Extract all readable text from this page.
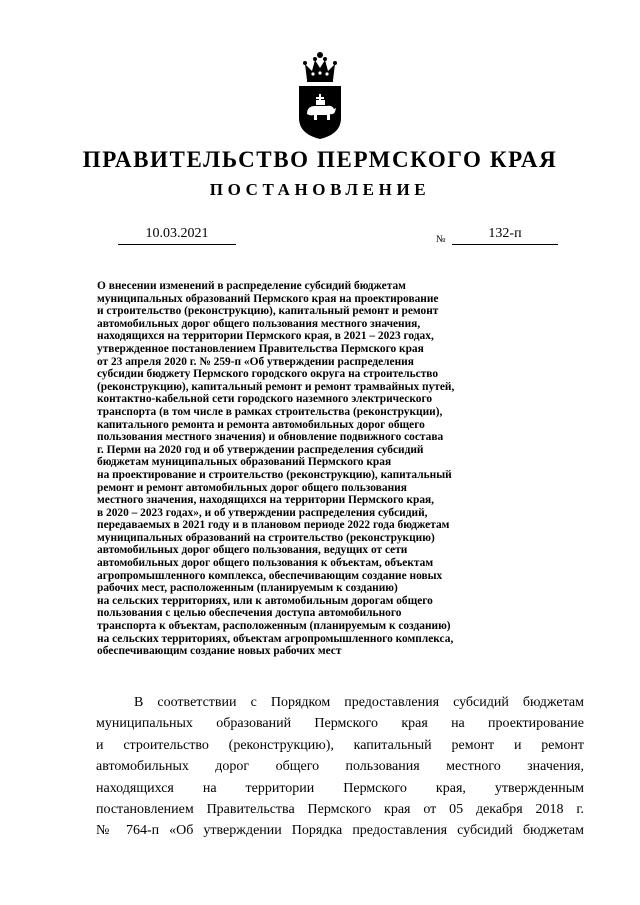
ПРАВИТЕЛЬСТВО ПЕРМСКОГО КРАЯ
ПОСТАНОВЛЕНИЕ
10.03.2021	№	132-п

О внесении изменений в распределение субсидий бюджетам
муниципальных образований Пермского края на проектирование
и строительство (реконструкцию), капитальный ремонт и ремонт
автомобильных дорог общего пользования местного значения,
находящихся на территории Пермского края, в 2021 – 2023 годах,
утвержденное постановлением Правительства Пермского края
от 23 апреля 2020 г. № 259-п «Об утверждении распределения
субсидии бюджету Пермского городского округа на строительство
(реконструкцию), капитальный ремонт и ремонт трамвайных путей,
контактно-кабельной сети городского наземного электрического
транспорта (в том числе в рамках строительства (реконструкции),
капитального ремонта и ремонта автомобильных дорог общего
пользования местного значения) и обновление подвижного состава
г. Перми на 2020 год и об утверждении распределения субсидий
бюджетам муниципальных образований Пермского края
на проектирование и строительство (реконструкцию), капитальный
ремонт и ремонт автомобильных дорог общего пользования
местного значения, находящихся на территории Пермского края,
в 2020 – 2023 годах», и об утверждении распределения субсидий,
передаваемых в 2021 году и в плановом периоде 2022 года бюджетам
муниципальных образований на строительство (реконструкцию)
автомобильных дорог общего пользования, ведущих от сети
автомобильных дорог общего пользования к объектам, объектам
агропромышленного комплекса, обеспечивающим создание новых
рабочих мест, расположенным (планируемым к созданию)
на сельских территориях, или к автомобильным дорогам общего
пользования с целью обеспечения доступа автомобильного
транспорта к объектам, расположенным (планируемым к созданию)
на сельских территориях, объектам агропромышленного комплекса,
обеспечивающим создание новых рабочих мест

В соответствии с Порядком предоставления субсидий бюджетам
муниципальных образований Пермского края на проектирование
и строительство (реконструкцию), капитальный ремонт и ремонт
автомобильных дорог общего пользования местного значения,
находящихся на территории Пермского края, утвержденным
постановлением Правительства Пермского края от 05 декабря 2018 г.
№ 764-п «Об утверждении Порядка предоставления субсидий бюджетам
